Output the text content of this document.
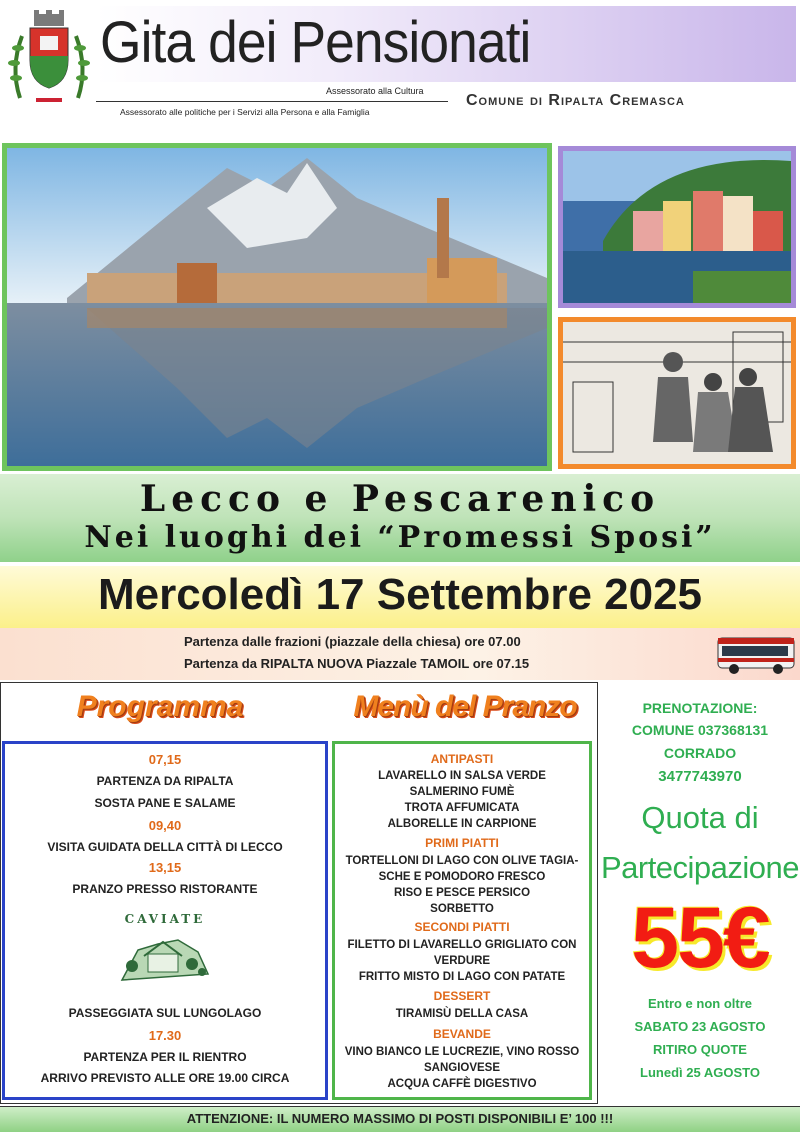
Gita dei Pensionati
Assessorato alla Cultura
Assessorato alle politiche per i Servizi alla Persona e alla Famiglia
Comune di Ripalta Cremasca
Lecco e Pescarenico
Nei luoghi dei “Promessi Sposi”
Mercoledì 17 Settembre 2025
Partenza dalle frazioni (piazzale della chiesa) ore 07.00
Partenza da RIPALTA NUOVA Piazzale TAMOIL ore 07.15
Programma	Menù del Pranzo
07,15
PARTENZA DA RIPALTA
SOSTA PANE E SALAME
09,40
VISITA GUIDATA DELLA CITTÀ DI LECCO
13,15
PRANZO PRESSO RISTORANTE
CAVIATE
PASSEGGIATA SUL LUNGOLAGO
17.30
PARTENZA PER IL RIENTRO
ARRIVO PREVISTO ALLE ORE 19.00 CIRCA
ANTIPASTI
LAVARELLO IN SALSA VERDE
SALMERINO FUMÈ
TROTA AFFUMICATA
ALBORELLE IN CARPIONE
PRIMI PIATTI
TORTELLONI DI LAGO CON OLIVE TAGIA-
SCHE E POMODORO FRESCO
RISO E PESCE PERSICO
SORBETTO
SECONDI PIATTI
FILETTO DI LAVARELLO GRIGLIATO CON
VERDURE
FRITTO MISTO DI LAGO CON PATATE
DESSERT
TIRAMISÙ DELLA CASA
BEVANDE
VINO BIANCO LE LUCREZIE, VINO ROSSO
SANGIOVESE
ACQUA CAFFÈ DIGESTIVO
PRENOTAZIONE:
COMUNE 037368131
CORRADO
3477743970
Quota di
Partecipazione
55€
Entro e non oltre
SABATO 23 AGOSTO
RITIRO QUOTE
Lunedì 25 AGOSTO
ATTENZIONE: IL NUMERO MASSIMO DI POSTI DISPONIBILI E’ 100 !!!
